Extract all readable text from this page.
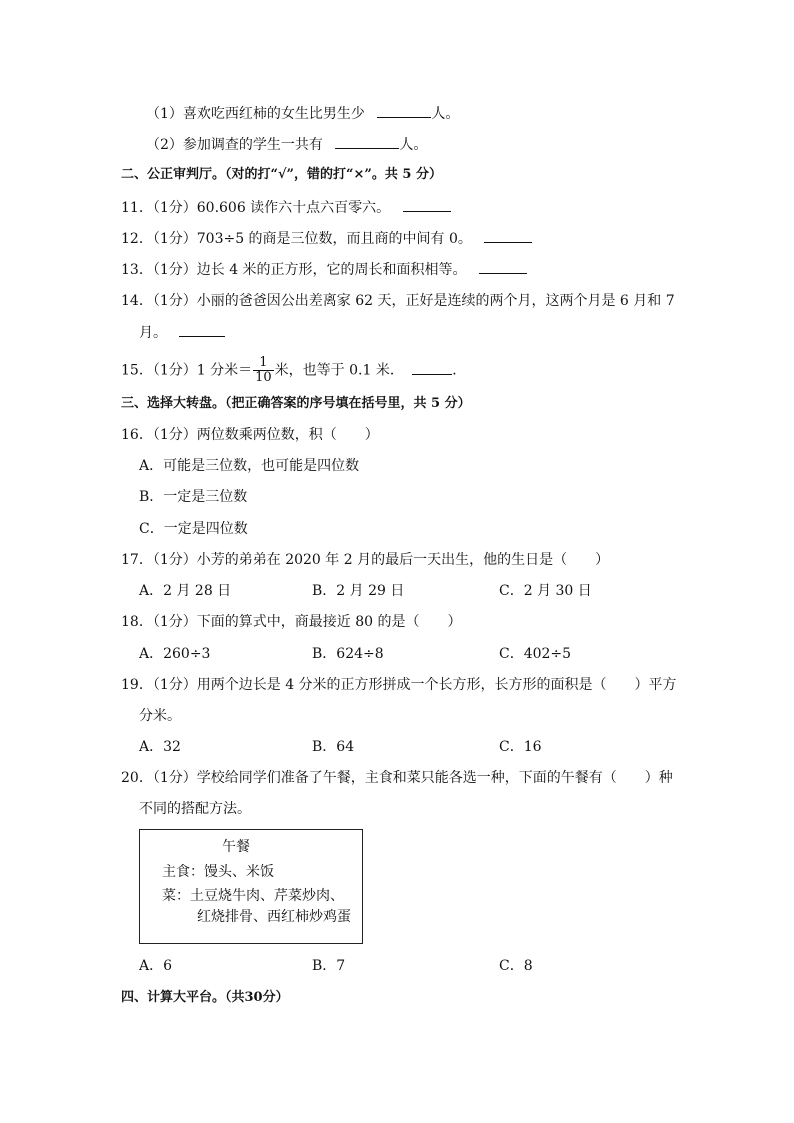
（1）喜欢吃西红柿的女生比男生少	人。
（2）参加调查的学生一共有	人。
二、公正审判厅。（对的打“√”，错的打“×”。共 5 分）
11．（1分）60.606 读作六十点六百零六。
12．（1分）703÷5 的商是三位数，而且商的中间有 0。
13．（1分）边长 4 米的正方形，它的周长和面积相等。
14．（1分）小丽的爸爸因公出差离家 62 天，正好是连续的两个月，这两个月是 6 月和 7
月。
15．（1分）1 分米＝ $\frac{1}{10}$ 米，也等于 0.1 米．	．
三、选择大转盘。（把正确答案的序号填在括号里，共 5 分）
16．（1分）两位数乘两位数，积（　　）
A．可能是三位数，也可能是四位数
B．一定是三位数
C．一定是四位数
17．（1分）小芳的弟弟在 2020 年 2 月的最后一天出生，他的生日是（　　）
A．2 月 28 日	B．2 月 29 日	C．2 月 30 日
18．（1分）下面的算式中，商最接近 80 的是（　　）
A．260÷3	B．624÷8	C．402÷5
19．（1分）用两个边长是 4 分米的正方形拼成一个长方形，长方形的面积是（　　）平方
分米。
A．32	B．64	C．16
20．（1分）学校给同学们准备了午餐，主食和菜只能各选一种，下面的午餐有（　　）种
不同的搭配方法。
午餐
主食：馒头、米饭
菜：土豆烧牛肉、芹菜炒肉、
红烧排骨、西红柿炒鸡蛋
A．6	B．7	C．8
四、计算大平台。（共30分）
